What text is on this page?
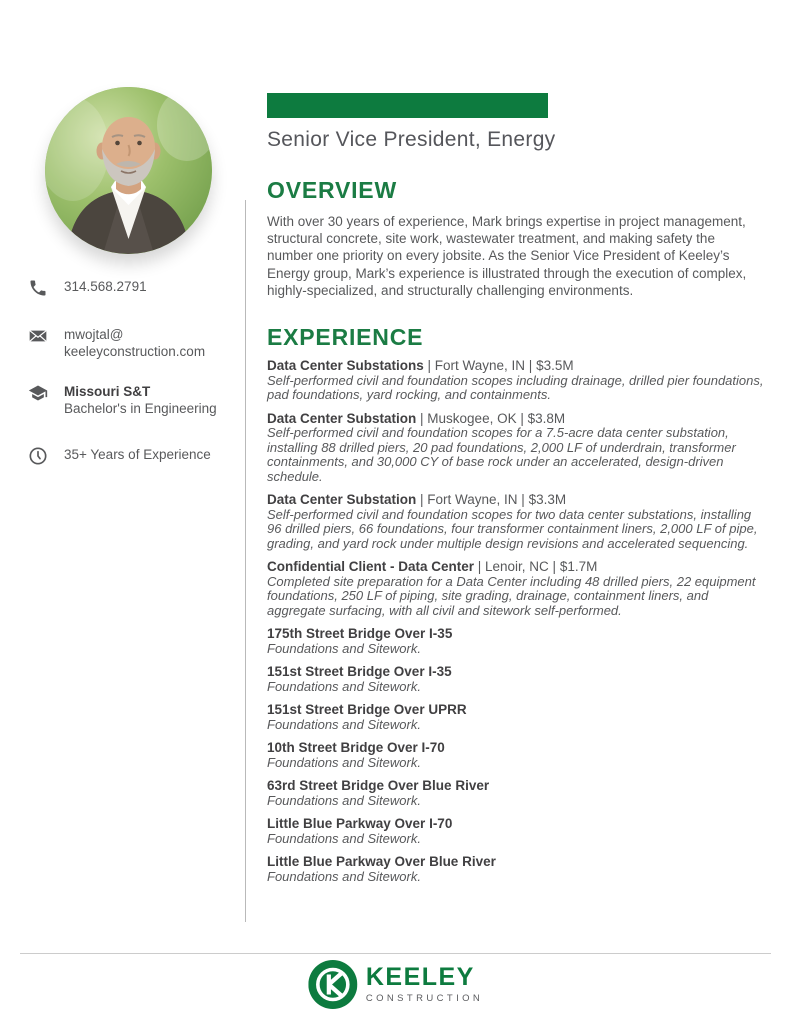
314.568.2791
mwojtal@
keeleyconstruction.com
Missouri S&T
Bachelor's in Engineering
35+ Years of Experience
Senior Vice President, Energy
OVERVIEW
With over 30 years of experience, Mark brings expertise in project management, structural concrete, site work, wastewater treatment, and making safety the number one priority on every jobsite. As the Senior Vice President of Keeley’s Energy group, Mark’s experience is illustrated through the execution of complex, highly-specialized, and structurally challenging environments.
EXPERIENCE
Data Center Substations | Fort Wayne, IN | $3.5M
Self-performed civil and foundation scopes including drainage, drilled pier foundations, pad foundations, yard rocking, and containments.
Data Center Substation | Muskogee, OK | $3.8M
Self-performed civil and foundation scopes for a 7.5-acre data center substation, installing 88 drilled piers, 20 pad foundations, 2,000 LF of underdrain, transformer containments, and 30,000 CY of base rock under an accelerated, design-driven schedule.
Data Center Substation | Fort Wayne, IN | $3.3M
Self-performed civil and foundation scopes for two data center substations, installing 96 drilled piers, 66 foundations, four transformer containment liners, 2,000 LF of pipe, grading, and yard rock under multiple design revisions and accelerated sequencing.
Confidential Client - Data Center | Lenoir, NC | $1.7M
Completed site preparation for a Data Center including 48 drilled piers, 22 equipment foundations, 250 LF of piping, site grading, drainage, containment liners, and aggregate surfacing, with all civil and sitework self-performed.
175th Street Bridge Over I-35
Foundations and Sitework.
151st Street Bridge Over I-35
Foundations and Sitework.
151st Street Bridge Over UPRR
Foundations and Sitework.
10th Street Bridge Over I-70
Foundations and Sitework.
63rd Street Bridge Over Blue River
Foundations and Sitework.
Little Blue Parkway Over I-70
Foundations and Sitework.
Little Blue Parkway Over Blue River
Foundations and Sitework.
KEELEY
CONSTRUCTION
